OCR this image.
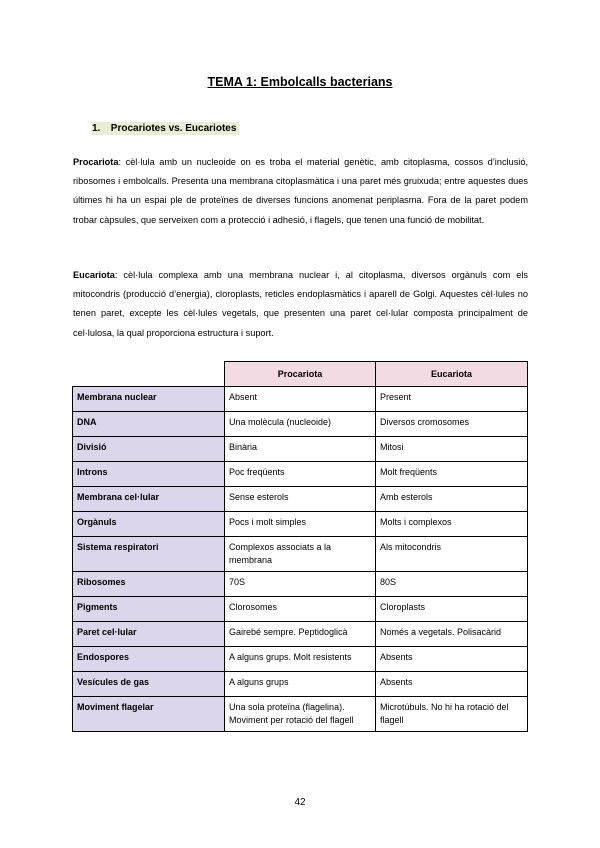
TEMA 1: Embolcalls bacterians
1. Procariotes vs. Eucariotes

Procariota: cèl·lula amb un nucleoide on es troba el material genètic, amb citoplasma, cossos d’inclusió, ribosomes i embolcalls. Presenta una membrana citoplasmàtica i una paret més gruixuda; entre aquestes dues últimes hi ha un espai ple de proteïnes de diverses funcions anomenat periplasma. Fora de la paret podem trobar càpsules, que serveixen com a protecció i adhesió, i flagels, que tenen una funció de mobilitat.

Eucariota: cèl·lula complexa amb una membrana nuclear i, al citoplasma, diversos orgànuls com els mitocondris (producció d’energia), cloroplasts, reticles endoplasmàtics i aparell de Golgi. Aquestes cèl·lules no tenen paret, excepte les cèl·lules vegetals, que presenten una paret cel·lular composta principalment de cel·lulosa, la qual proporciona estructura i suport.

	Procariota	Eucariota
Membrana nuclear	Absent	Present
DNA	Una molècula (nucleoide)	Diversos cromosomes
Divisió	Binària	Mitosi
Introns	Poc freqüents	Molt freqüents
Membrana cel·lular	Sense esterols	Amb esterols
Orgànuls	Pocs i molt simples	Molts i complexos
Sistema respiratori	Complexos associats a la membrana	Als mitocondris
Ribosomes	70S	80S
Pigments	Clorosomes	Cloroplasts
Paret cel·lular	Gairebé sempre. Peptidoglicà	Només a vegetals. Polisacàrid
Endospores	A alguns grups. Molt resistents	Absents
Vesícules de gas	A alguns grups	Absents
Moviment flagelar	Una sola proteïna (flagelina). Moviment per rotació del flagell	Microtúbuls. No hi ha rotació del flagell
42
